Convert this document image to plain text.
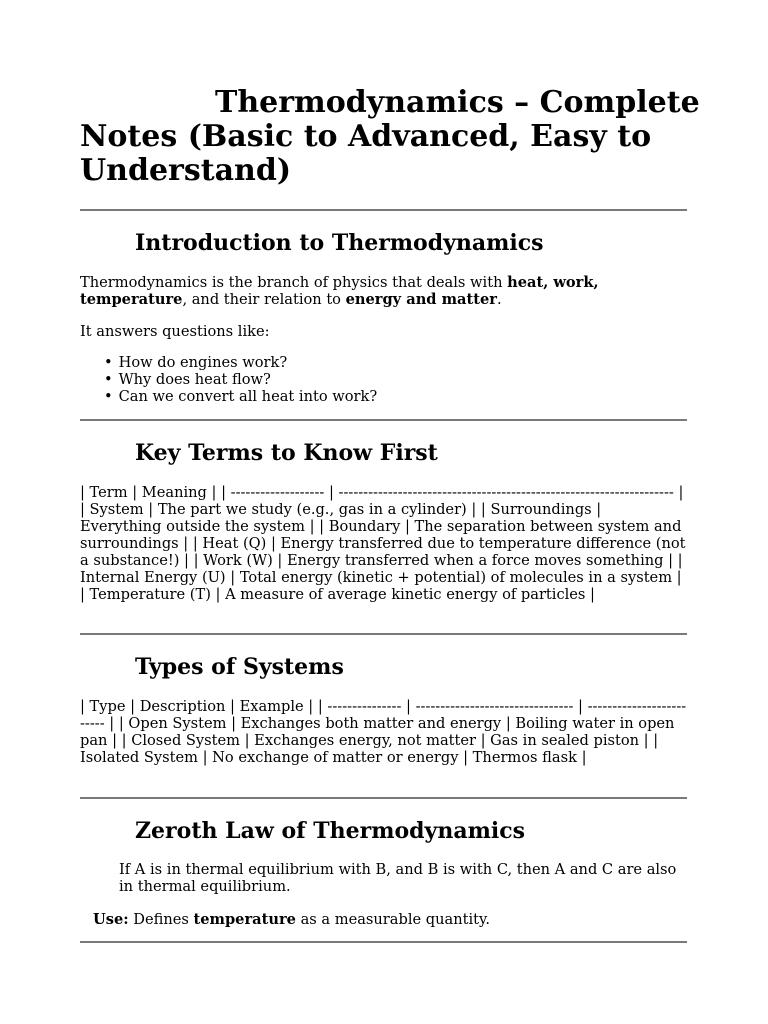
Thermodynamics – Complete Notes (Basic to Advanced, Easy to Understand)
Introduction to Thermodynamics

Thermodynamics is the branch of physics that deals with heat, work, temperature, and their relation to energy and matter.

It answers questions like:

• How do engines work?
• Why does heat flow?
• Can we convert all heat into work?
Key Terms to Know First

| Term | Meaning | | ------------------- | -------------------------------------------------------------------- | | System | The part we study (e.g., gas in a cylinder) | | Surroundings | Everything outside the system | | Boundary | The separation between system and surroundings | | Heat (Q) | Energy transferred due to temperature difference (not a substance!) | | Work (W) | Energy transferred when a force moves something | | Internal Energy (U) | Total energy (kinetic + potential) of molecules in a system | | Temperature (T) | A measure of average kinetic energy of particles |

Types of Systems

| Type | Description | Example | | --------------- | -------------------------------- | ------------------------- | | Open System | Exchanges both matter and energy | Boiling water in open pan | | Closed System | Exchanges energy, not matter | Gas in sealed piston | | Isolated System | No exchange of matter or energy | Thermos flask |

Zeroth Law of Thermodynamics

If A is in thermal equilibrium with B, and B is with C, then A and C are also in thermal equilibrium.

Use: Defines temperature as a measurable quantity.
